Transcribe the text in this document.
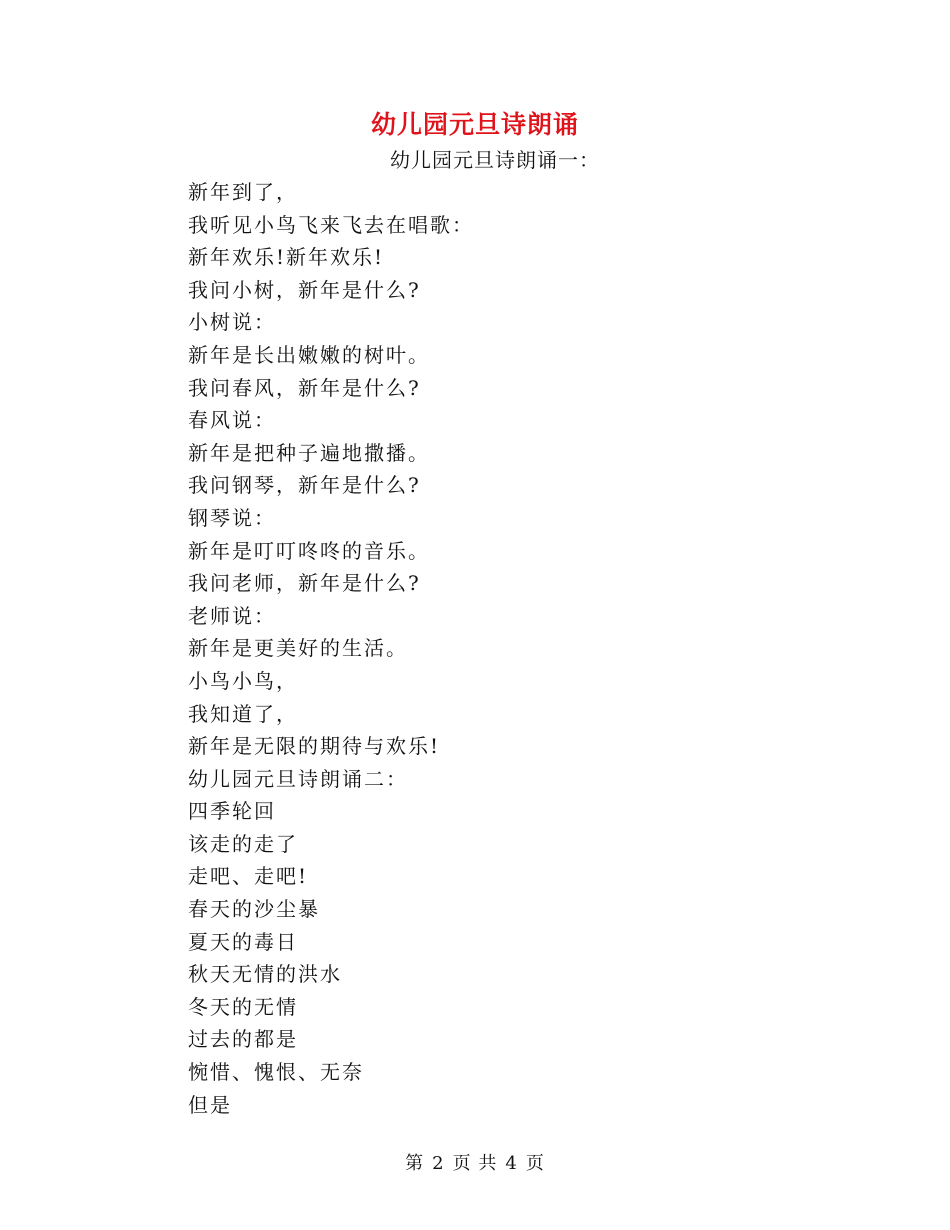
幼儿园元旦诗朗诵
幼儿园元旦诗朗诵一：
新年到了，
我听见小鸟飞来飞去在唱歌：
新年欢乐!新年欢乐!
我问小树，新年是什么?
小树说：
新年是长出嫩嫩的树叶。
我问春风，新年是什么?
春风说：
新年是把种子遍地撒播。
我问钢琴，新年是什么?
钢琴说：
新年是叮叮咚咚的音乐。
我问老师，新年是什么?
老师说：
新年是更美好的生活。
小鸟小鸟，
我知道了，
新年是无限的期待与欢乐!
幼儿园元旦诗朗诵二：
四季轮回
该走的走了
走吧、走吧!
春天的沙尘暴
夏天的毒日
秋天无情的洪水
冬天的无情
过去的都是
惋惜、愧恨、无奈
但是
第 2 页 共 4 页
